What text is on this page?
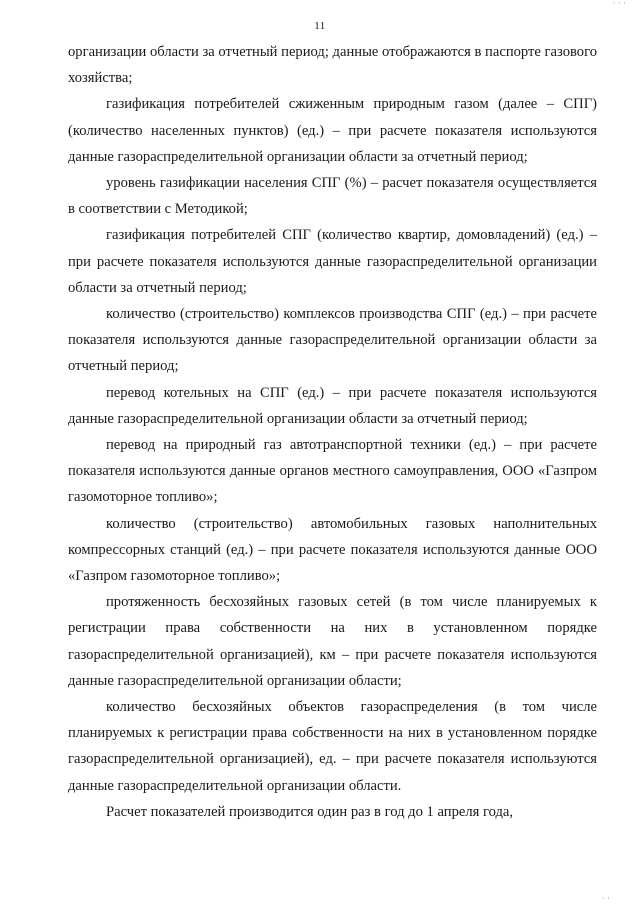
· · ·
11

организации области за отчетный период; данные отображаются в паспорте газового хозяйства;

газификация потребителей сжиженным природным газом (далее – СПГ) (количество населенных пунктов) (ед.) – при расчете показателя используются данные газораспределительной организации области за отчетный период;

уровень газификации населения СПГ (%) – расчет показателя осуществляется в соответствии с Методикой;

газификация потребителей СПГ (количество квартир, домовладений) (ед.) – при расчете показателя используются данные газораспределительной организации области за отчетный период;

количество (строительство) комплексов производства СПГ (ед.) – при расчете показателя используются данные газораспределительной организации области за отчетный период;

перевод котельных на СПГ (ед.) – при расчете показателя используются данные газораспределительной организации области за отчетный период;

перевод на природный газ автотранспортной техники (ед.) – при расчете показателя используются данные органов местного самоуправления, ООО «Газпром газомоторное топливо»;

количество (строительство) автомобильных газовых наполнительных компрессорных станций (ед.) – при расчете показателя используются данные ООО «Газпром газомоторное топливо»;

протяженность бесхозяйных газовых сетей (в том числе планируемых к регистрации права собственности на них в установленном порядке газораспределительной организацией), км – при расчете показателя используются данные газораспределительной организации области;

количество бесхозяйных объектов газораспределения (в том числе планируемых к регистрации права собственности на них в установленном порядке газораспределительной организацией), ед. – при расчете показателя используются данные газораспределительной организации области.

Расчет показателей производится один раз в год до 1 апреля года,

· ·
